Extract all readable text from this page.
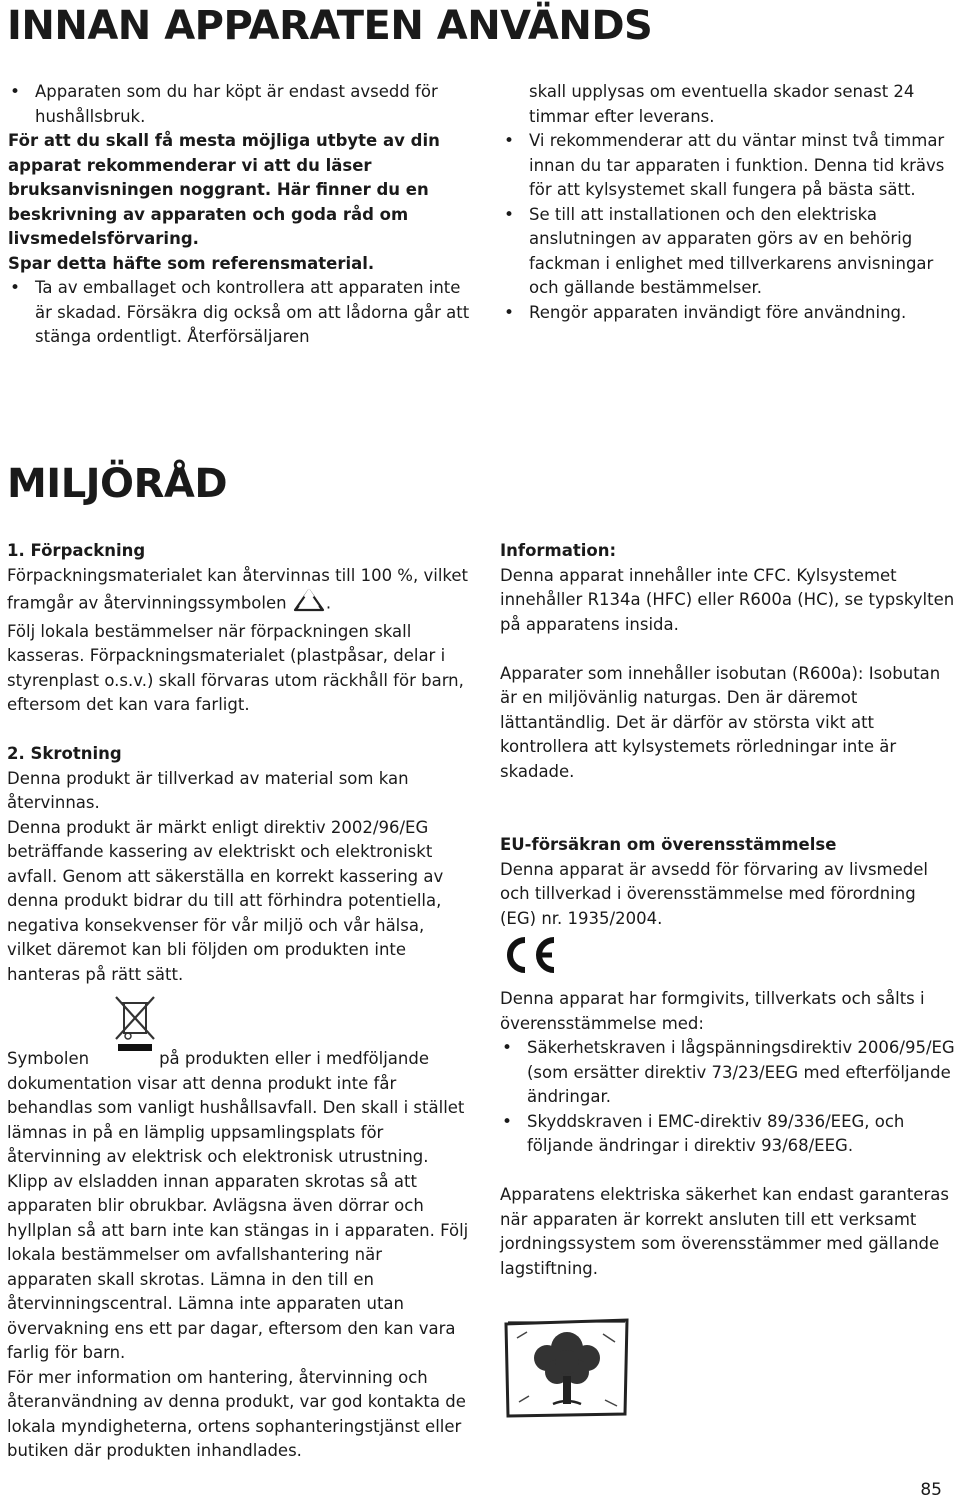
INNAN APPARATEN ANVÄNDS
• Apparaten som du har köpt är endast avsedd för hushållsbruk.

För att du skall få mesta möjliga utbyte av din apparat rekommenderar vi att du läser bruksanvisningen noggrant. Här finner du en beskrivning av apparaten och goda råd om livsmedelsförvaring.

Spar detta häfte som referensmaterial.

• Ta av emballaget och kontrollera att apparaten inte är skadad. Försäkra dig också om att lådorna går att stänga ordentligt. Återförsäljaren

skall upplysas om eventuella skador senast 24 timmar efter leverans.

• Vi rekommenderar att du väntar minst två timmar innan du tar apparaten i funktion. Denna tid krävs för att kylsystemet skall fungera på bästa sätt.
• Se till att installationen och den elektriska anslutningen av apparaten görs av en behörig fackman i enlighet med tillverkarens anvisningar och gällande bestämmelser.
• Rengör apparaten invändigt före användning.
MILJÖRÅD

1. Förpackning

Förpackningsmaterialet kan återvinnas till 100 %, vilket framgår av återvinningssymbolen .

Följ lokala bestämmelser när förpackningen skall kasseras. Förpackningsmaterialet (plastpåsar, delar i styrenplast o.s.v.) skall förvaras utom räckhåll för barn, eftersom det kan vara farligt.

2. Skrotning

Denna produkt är tillverkad av material som kan återvinnas.

Denna produkt är märkt enligt direktiv 2002/96/EG beträffande kassering av elektriskt och elektroniskt avfall. Genom att säkerställa en korrekt kassering av denna produkt bidrar du till att förhindra potentiella, negativa konsekvenser för vår miljö och vår hälsa, vilket däremot kan bli följden om produkten inte hanteras på rätt sätt.

Symbolen	på produkten eller i medföljande dokumentation visar att denna produkt inte får behandlas som vanligt hushållsavfall. Den skall i stället lämnas in på en lämplig uppsamlingsplats för återvinning av elektrisk och elektronisk utrustning. Klipp av elsladden innan apparaten skrotas så att apparaten blir obrukbar. Avlägsna även dörrar och hyllplan så att barn inte kan stängas in i apparaten. Följ lokala bestämmelser om avfallshantering när apparaten skall skrotas. Lämna in den till en återvinningscentral. Lämna inte apparaten utan övervakning ens ett par dagar, eftersom den kan vara farlig för barn.

För mer information om hantering, återvinning och återanvändning av denna produkt, var god kontakta de lokala myndigheterna, ortens sophanteringstjänst eller butiken där produkten inhandlades.

Information:

Denna apparat innehåller inte CFC. Kylsystemet innehåller R134a (HFC) eller R600a (HC), se typskylten på apparatens insida.

Apparater som innehåller isobutan (R600a): Isobutan är en miljövänlig naturgas. Den är däremot lättantändlig. Det är därför av största vikt att kontrollera att kylsystemets rörledningar inte är skadade.

EU-försäkran om överensstämmelse

Denna apparat är avsedd för förvaring av livsmedel och tillverkad i överensstämmelse med förordning (EG) nr. 1935/2004.

Denna apparat har formgivits, tillverkats och sålts i överensstämmelse med:

• Säkerhetskraven i lågspänningsdirektiv 2006/95/EG (som ersätter direktiv 73/23/EEG med efterföljande ändringar.
• Skyddskraven i EMC-direktiv 89/336/EEG, och följande ändringar i direktiv 93/68/EEG.

Apparatens elektriska säkerhet kan endast garanteras när apparaten är korrekt ansluten till ett verksamt jordningssystem som överensstämmer med gällande lagstiftning.

85
